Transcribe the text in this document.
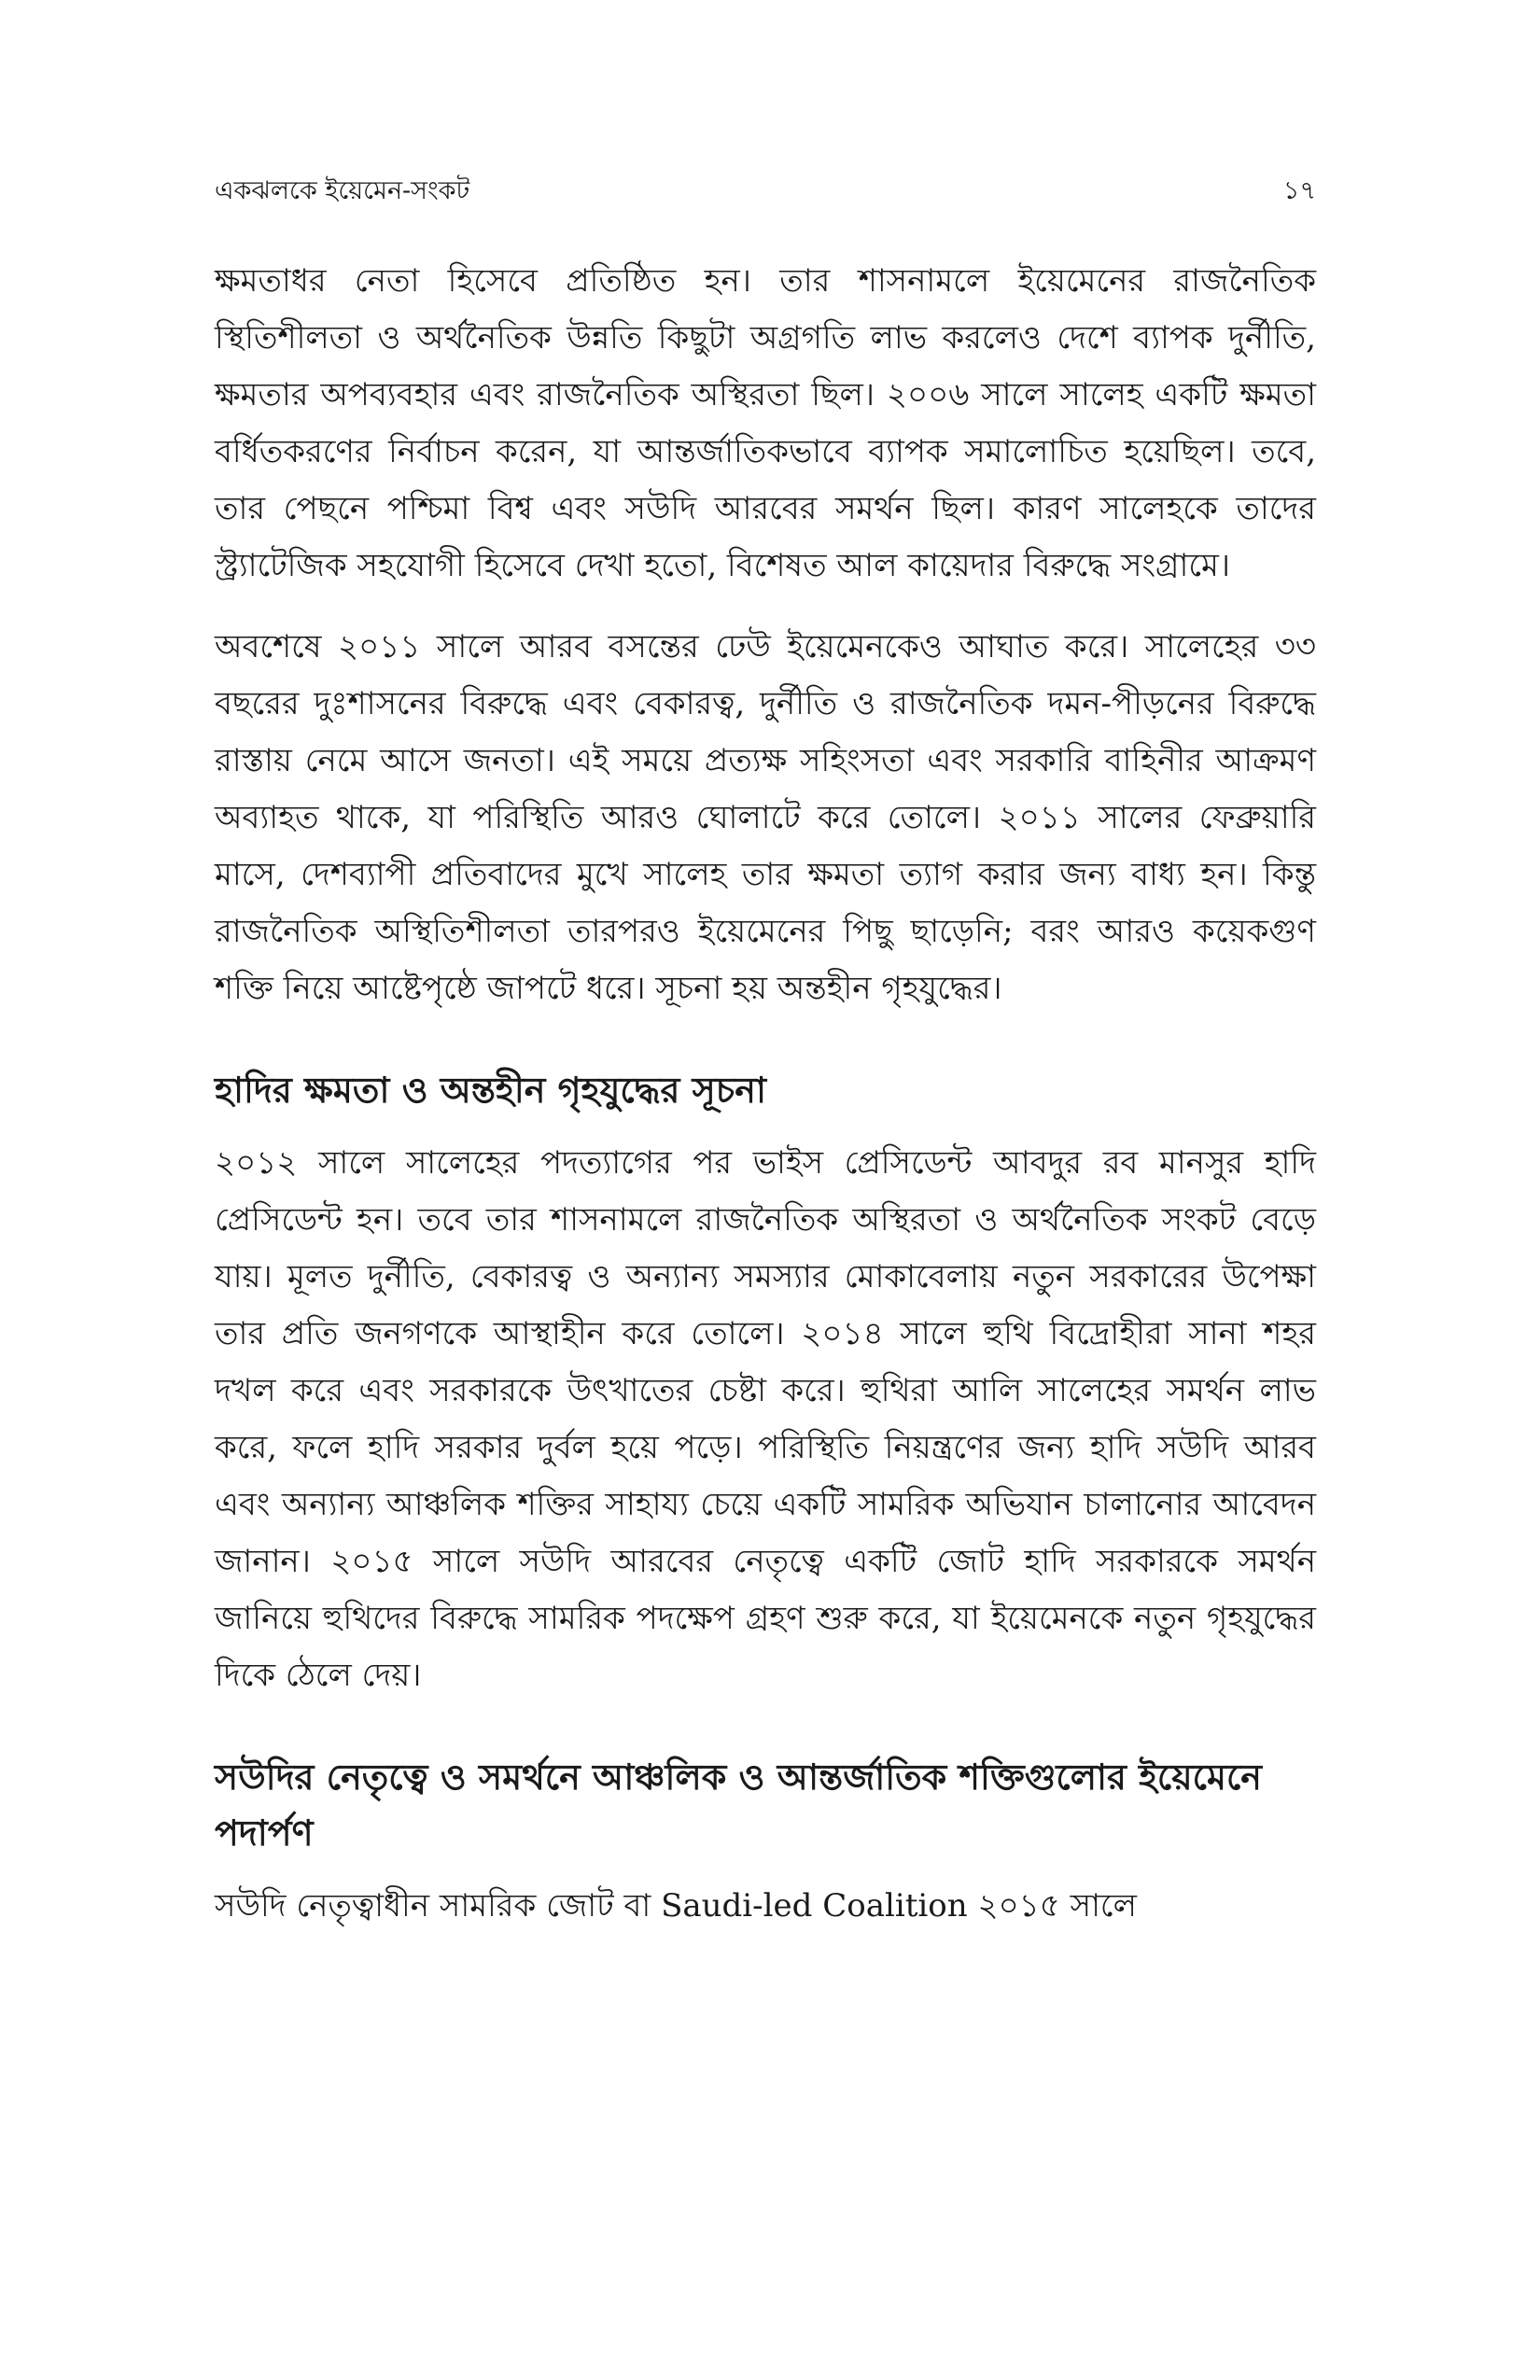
একঝলকে ইয়েমেন-সংকট	১৭

ক্ষমতাধর নেতা হিসেবে প্রতিষ্ঠিত হন। তার শাসনামলে ইয়েমেনের রাজনৈতিক স্থিতিশীলতা ও অর্থনৈতিক উন্নতি কিছুটা অগ্রগতি লাভ করলেও দেশে ব্যাপক দুর্নীতি, ক্ষমতার অপব্যবহার এবং রাজনৈতিক অস্থিরতা ছিল। ২০০৬ সালে সালেহ একটি ক্ষমতা বর্ধিতকরণের নির্বাচন করেন, যা আন্তর্জাতিকভাবে ব্যাপক সমালোচিত হয়েছিল। তবে, তার পেছনে পশ্চিমা বিশ্ব এবং সউদি আরবের সমর্থন ছিল। কারণ সালেহকে তাদের স্ট্র্যাটেজিক সহযোগী হিসেবে দেখা হতো, বিশেষত আল কায়েদার বিরুদ্ধে সংগ্রামে।

অবশেষে ২০১১ সালে আরব বসন্তের ঢেউ ইয়েমেনকেও আঘাত করে। সালেহের ৩৩ বছরের দুঃশাসনের বিরুদ্ধে এবং বেকারত্ব, দুর্নীতি ও রাজনৈতিক দমন-পীড়নের বিরুদ্ধে রাস্তায় নেমে আসে জনতা। এই সময়ে প্রত্যক্ষ সহিংসতা এবং সরকারি বাহিনীর আক্রমণ অব্যাহত থাকে, যা পরিস্থিতি আরও ঘোলাটে করে তোলে। ২০১১ সালের ফেব্রুয়ারি মাসে, দেশব্যাপী প্রতিবাদের মুখে সালেহ তার ক্ষমতা ত্যাগ করার জন্য বাধ্য হন। কিন্তু রাজনৈতিক অস্থিতিশীলতা তারপরও ইয়েমেনের পিছু ছাড়েনি; বরং আরও কয়েকগুণ শক্তি নিয়ে আষ্টেপৃষ্ঠে জাপটে ধরে। সূচনা হয় অন্তহীন গৃহযুদ্ধের।

হাদির ক্ষমতা ও অন্তহীন গৃহযুদ্ধের সূচনা

২০১২ সালে সালেহের পদত্যাগের পর ভাইস প্রেসিডেন্ট আবদুর রব মানসুর হাদি প্রেসিডেন্ট হন। তবে তার শাসনামলে রাজনৈতিক অস্থিরতা ও অর্থনৈতিক সংকট বেড়ে যায়। মূলত দুর্নীতি, বেকারত্ব ও অন্যান্য সমস্যার মোকাবেলায় নতুন সরকারের উপেক্ষা তার প্রতি জনগণকে আস্থাহীন করে তোলে। ২০১৪ সালে হুথি বিদ্রোহীরা সানা শহর দখল করে এবং সরকারকে উৎখাতের চেষ্টা করে। হুথিরা আলি সালেহের সমর্থন লাভ করে, ফলে হাদি সরকার দুর্বল হয়ে পড়ে। পরিস্থিতি নিয়ন্ত্রণের জন্য হাদি সউদি আরব এবং অন্যান্য আঞ্চলিক শক্তির সাহায্য চেয়ে একটি সামরিক অভিযান চালানোর আবেদন জানান। ২০১৫ সালে সউদি আরবের নেতৃত্বে একটি জোট হাদি সরকারকে সমর্থন জানিয়ে হুথিদের বিরুদ্ধে সামরিক পদক্ষেপ গ্রহণ শুরু করে, যা ইয়েমেনকে নতুন গৃহযুদ্ধের দিকে ঠেলে দেয়।

সউদির নেতৃত্বে ও সমর্থনে আঞ্চলিক ও আন্তর্জাতিক শক্তিগুলোর ইয়েমেনে পদার্পণ

সউদি নেতৃত্বাধীন সামরিক জোট বা Saudi-led Coalition ২০১৫ সালে
